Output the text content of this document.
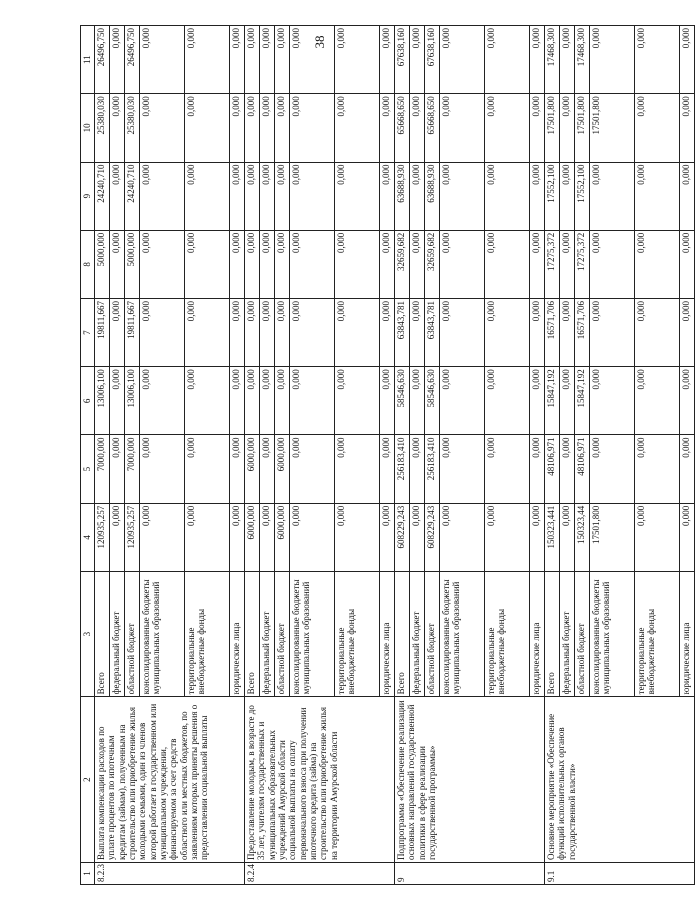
38
1	2	3	4	5	6	7	8	9	10	11
8.2.3	Выплата компенсации расходов по уплате процентов по ипотечным кредитам (займам), полученным на строительство или приобретение жилья молодыми семьями, один из членов которой работает в государственном или муниципальном учреждении, финансируемом за счет средств областного или местных бюджетов, по заявлениям которых приняты решения о предоставлении социальной выплаты	Всего	120935,257	7000,000	13006,100	19811,667	5000,000	24240,710	25380,030	26496,750
		федеральный бюджет	0,000	0,000	0,000	0,000	0,000	0,000	0,000	0,000
		областной бюджет	120935,257	7000,000	13006,100	19811,667	5000,000	24240,710	25380,030	26496,750
		консолидированные бюджеты муниципальных образований	0,000	0,000	0,000	0,000	0,000	0,000	0,000	0,000
		территориальные внебюджетные фонды	0,000	0,000	0,000	0,000	0,000	0,000	0,000	0,000
		юридические лица	0,000	0,000	0,000	0,000	0,000	0,000	0,000	0,000
8.2.4	Предоставление молодым, в возрасте до 35 лет, учителям государственных и муниципальных образовательных учреждений Амурской области социальной выплаты на оплату первоначального взноса при получении ипотечного кредита (займа) на строительство или приобретение жилья на территории Амурской области	Всего	6000,000	6000,000	0,000	0,000	0,000	0,000	0,000	0,000
		федеральный бюджет	0,000	0,000	0,000	0,000	0,000	0,000	0,000	0,000
		областной бюджет	6000,000	6000,000	0,000	0,000	0,000	0,000	0,000	0,000
		консолидированные бюджеты муниципальных образований	0,000	0,000	0,000	0,000	0,000	0,000	0,000	0,000
		территориальные внебюджетные фонды	0,000	0,000	0,000	0,000	0,000	0,000	0,000	0,000
		юридические лица	0,000	0,000	0,000	0,000	0,000	0,000	0,000	0,000
9	Подпрограмма «Обеспечение реализации основных направлений государственной политики в сфере реализации государственной программы»	Всего	608229,243	256183,410	58546,630	63843,781	32659,682	63688,930	65668,650	67638,160
		федеральный бюджет	0,000	0,000	0,000	0,000	0,000	0,000	0,000	0,000
		областной бюджет	608229,243	256183,410	58546,630	63843,781	32659,682	63688,930	65668,650	67638,160
		консолидированные бюджеты муниципальных образований	0,000	0,000	0,000	0,000	0,000	0,000	0,000	0,000
		территориальные внебюджетные фонды	0,000	0,000	0,000	0,000	0,000	0,000	0,000	0,000
		юридические лица	0,000	0,000	0,000	0,000	0,000	0,000	0,000	0,000
9.1	Основное мероприятие «Обеспечение функций исполнительных органов государственной власти»	Всего	150323,441	48106,971	15847,192	16571,706	17275,372	17552,100	17501,800	17468,300
		федеральный бюджет	0,000	0,000	0,000	0,000	0,000	0,000	0,000	0,000
		областной бюджет	150323,44	48106,971	15847,192	16571,706	17275,372	17552,100	17501,800	17468,300
		консолидированные бюджеты муниципальных образований	17501,800	0,000	0,000	0,000	0,000	0,000	17501,800	0,000
		территориальные внебюджетные фонды	0,000	0,000	0,000	0,000	0,000	0,000	0,000	0,000
		юридические лица	0,000	0,000	0,000	0,000	0,000	0,000	0,000	0,000
